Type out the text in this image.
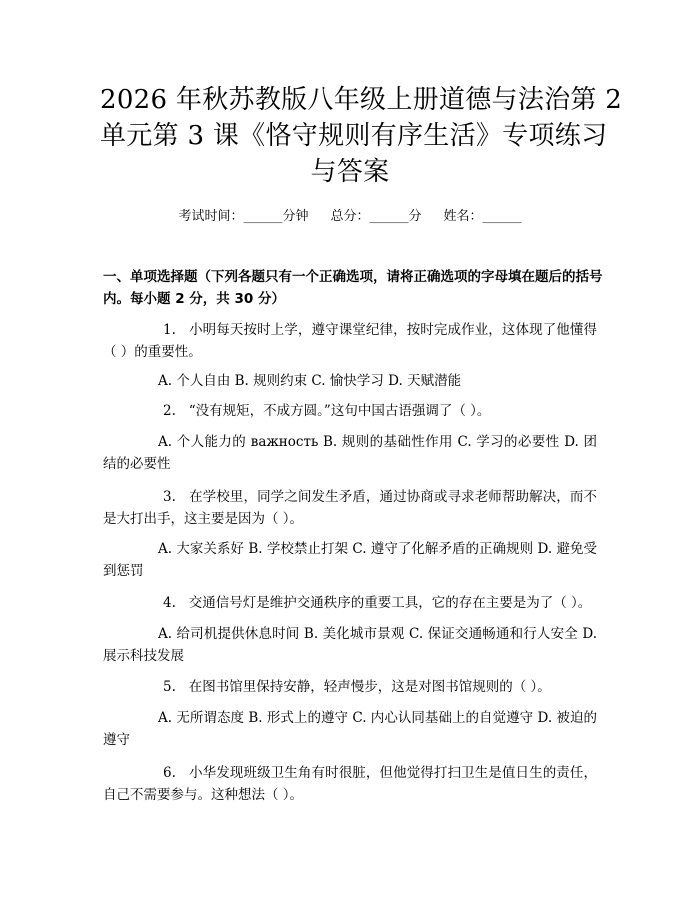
2026 年秋苏教版八年级上册道德与法治第 2
单元第 3 课《恪守规则有序生活》专项练习
与答案
考试时间：______分钟 总分：______分 姓名：______
一、单项选择题（下列各题只有一个正确选项，请将正确选项的字母填在题后的括号内。每小题 2 分，共 30 分）
1. 小明每天按时上学，遵守课堂纪律，按时完成作业，这体现了他懂得（ ）的重要性。
A. 个人自由 B. 规则约束 C. 愉快学习 D. 天赋潜能
2. “没有规矩，不成方圆。”这句中国古语强调了（ ）。
A. 个人能力的 важность B. 规则的基础性作用 C. 学习的必要性 D. 团结的必要性
3. 在学校里，同学之间发生矛盾，通过协商或寻求老师帮助解决，而不是大打出手，这主要是因为（ ）。
A. 大家关系好 B. 学校禁止打架 C. 遵守了化解矛盾的正确规则 D. 避免受到惩罚
4. 交通信号灯是维护交通秩序的重要工具，它的存在主要是为了（ ）。
A. 给司机提供休息时间 B. 美化城市景观 C. 保证交通畅通和行人安全 D. 展示科技发展
5. 在图书馆里保持安静，轻声慢步，这是对图书馆规则的（ ）。
A. 无所谓态度 B. 形式上的遵守 C. 内心认同基础上的自觉遵守 D. 被迫的遵守
6. 小华发现班级卫生角有时很脏，但他觉得打扫卫生是值日生的责任，自己不需要参与。这种想法（ ）。
